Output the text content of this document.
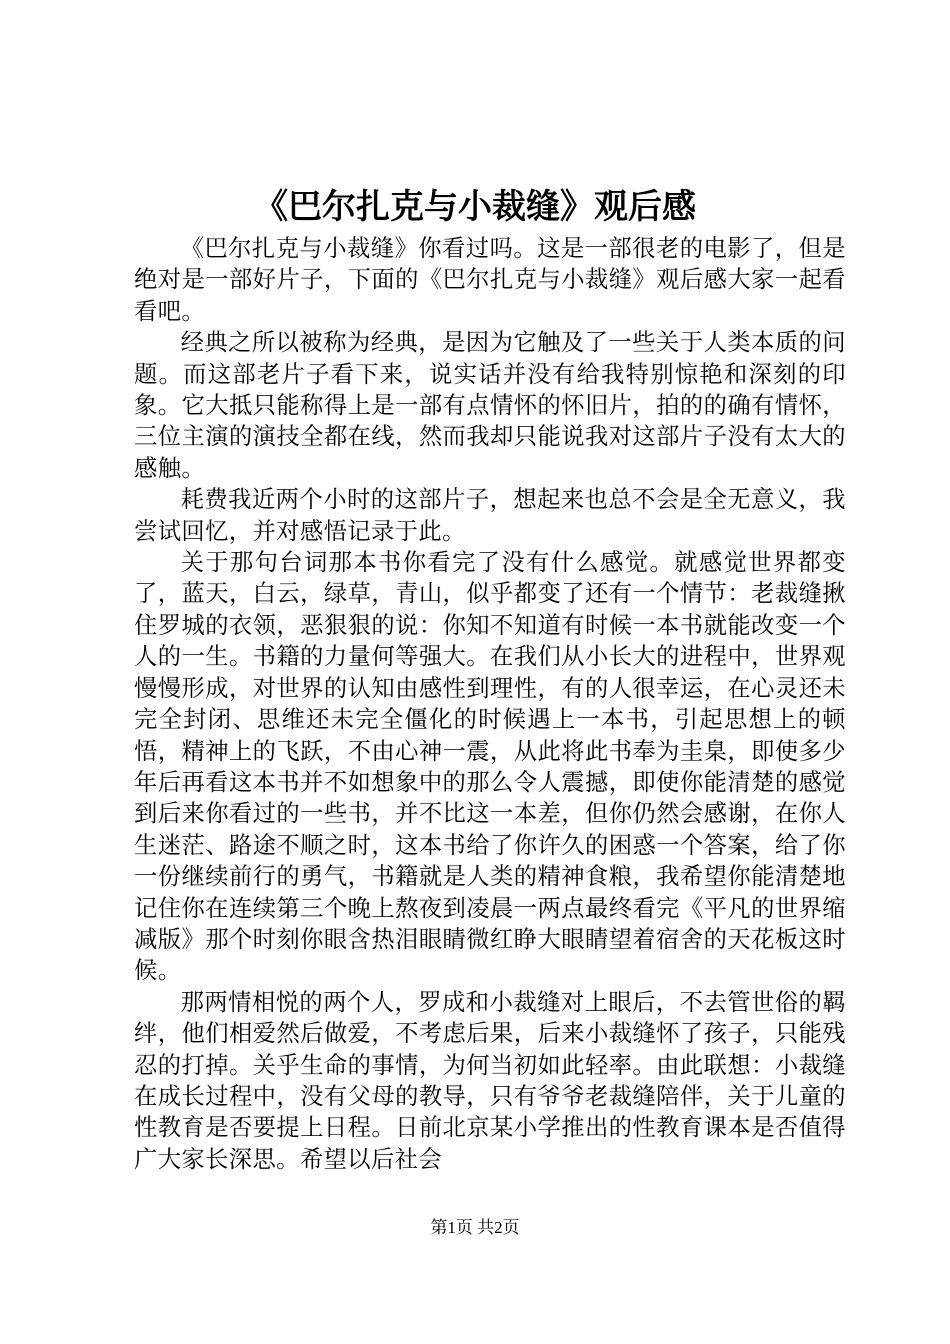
《巴尔扎克与小裁缝》观后感

《巴尔扎克与小裁缝》你看过吗。这是一部很老的电影了，但是绝对是一部好片子，下面的《巴尔扎克与小裁缝》观后感大家一起看看吧。

经典之所以被称为经典，是因为它触及了一些关于人类本质的问题。而这部老片子看下来，说实话并没有给我特别惊艳和深刻的印象。它大抵只能称得上是一部有点情怀的怀旧片，拍的的确有情怀，三位主演的演技全都在线，然而我却只能说我对这部片子没有太大的感触。

耗费我近两个小时的这部片子，想起来也总不会是全无意义，我尝试回忆，并对感悟记录于此。

关于那句台词那本书你看完了没有什么感觉。就感觉世界都变了，蓝天，白云，绿草，青山，似乎都变了还有一个情节：老裁缝揪住罗城的衣领，恶狠狠的说：你知不知道有时候一本书就能改变一个人的一生。书籍的力量何等强大。在我们从小长大的进程中，世界观慢慢形成，对世界的认知由感性到理性，有的人很幸运，在心灵还未完全封闭、思维还未完全僵化的时候遇上一本书，引起思想上的顿悟，精神上的飞跃，不由心神一震，从此将此书奉为圭臬，即使多少年后再看这本书并不如想象中的那么令人震撼，即使你能清楚的感觉到后来你看过的一些书，并不比这一本差，但你仍然会感谢，在你人生迷茫、路途不顺之时，这本书给了你许久的困惑一个答案，给了你一份继续前行的勇气，书籍就是人类的精神食粮，我希望你能清楚地记住你在连续第三个晚上熬夜到凌晨一两点最终看完《平凡的世界缩减版》那个时刻你眼含热泪眼睛微红睁大眼睛望着宿舍的天花板这时候。

那两情相悦的两个人，罗成和小裁缝对上眼后，不去管世俗的羁绊，他们相爱然后做爱，不考虑后果，后来小裁缝怀了孩子，只能残忍的打掉。关乎生命的事情，为何当初如此轻率。由此联想：小裁缝在成长过程中，没有父母的教导，只有爷爷老裁缝陪伴，关于儿童的性教育是否要提上日程。日前北京某小学推出的性教育课本是否值得广大家长深思。希望以后社会

第1页 共2页
